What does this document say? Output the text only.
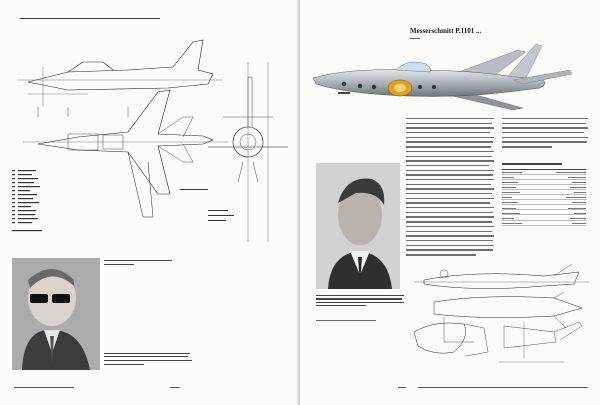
Messerschmitt P.1101 ...
